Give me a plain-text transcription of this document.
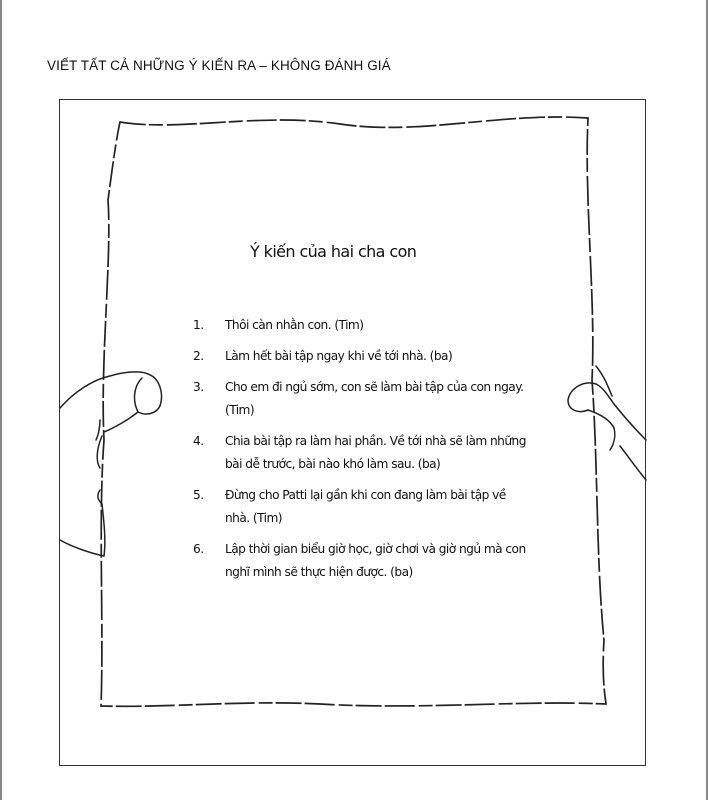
VIẾT TẤT CẢ NHỮNG Ý KIẾN RA – KHÔNG ĐÁNH GIÁ
Ý kiến của hai cha con
1.	Thôi càn nhằn con. (Tim)
2.	Làm hết bài tập ngay khi về tới nhà. (ba)
3.	Cho em đi ngủ sớm, con sẽ làm bài tập của con ngay. (Tim)
4.	Chia bài tập ra làm hai phần. Về tới nhà sẽ làm những bài dễ trước, bài nào khó làm sau. (ba)
5.	Đừng cho Patti lại gần khi con đang làm bài tập về nhà. (Tim)
6.	Lập thời gian biểu giờ học, giờ chơi và giờ ngủ mà con nghĩ mình sẽ thực hiện được. (ba)
